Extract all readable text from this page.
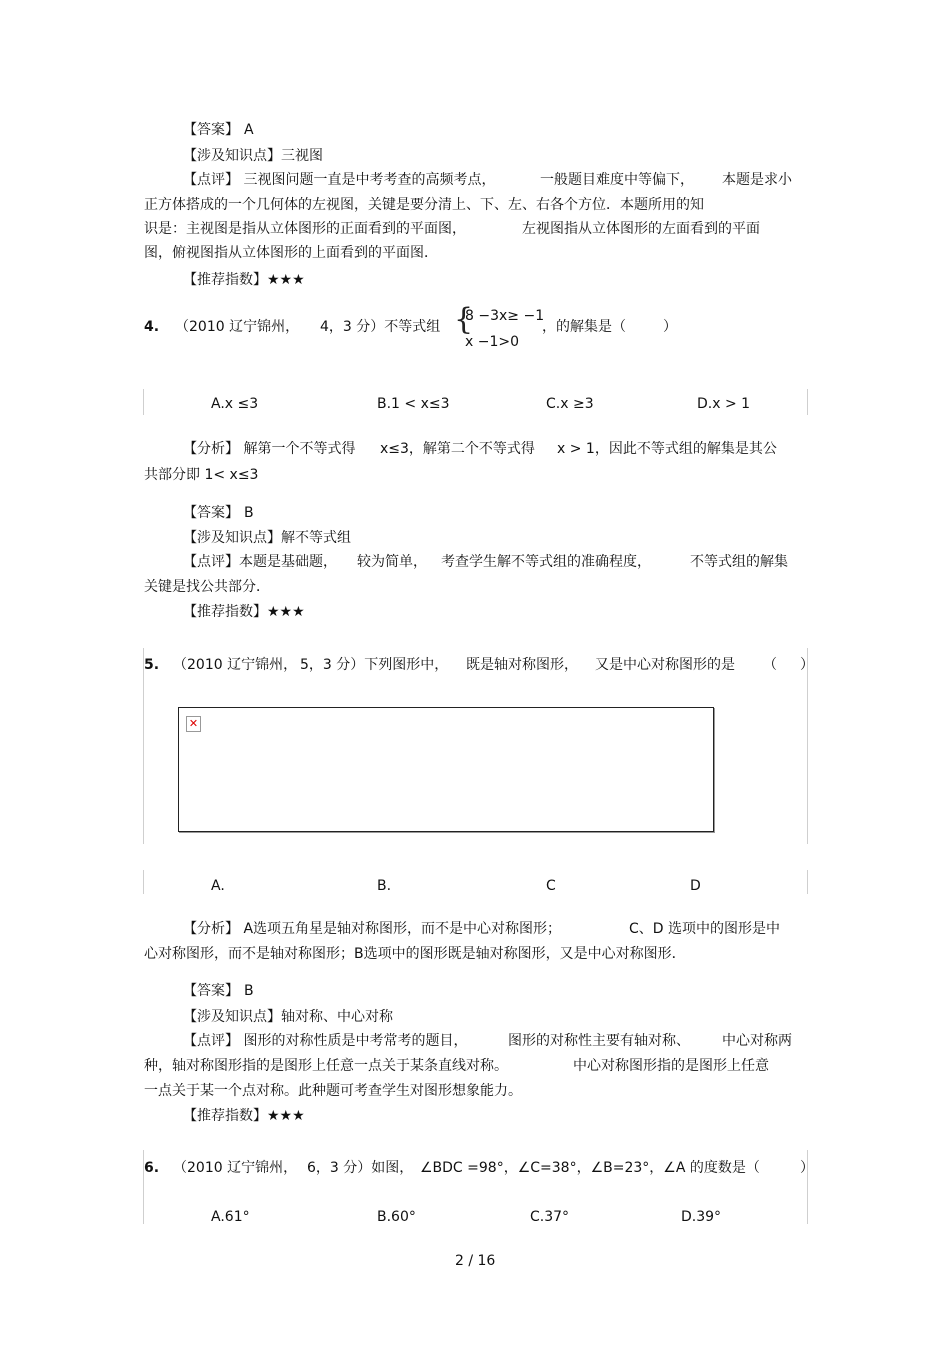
【答案】 A
【涉及知识点】 三视图
【点评】 三视图问题一直是中考考查的高频考点，	一般题目难度中等偏下， 本题是求小
正方体搭成的一个几何体的左视图，关键是要分清上、下、左、右各个方位．本题所用的知
识是：主视图是指从立体图形的正面看到的平面图，	左视图指从立体图形的左面看到的平面
图，俯视图指从立体图形的上面看到的平面图．
【推荐指数】 ★★★
4. （2010 辽宁锦州， 4，3 分）不等式组 {
8 −3x≥ −1
x −1>0
，的解集是（	）
A.x ≤3	B.1 < x≤3	C.x ≥3	D.x > 1
【分析】 解第一个不等式得 x≤3，解第二个不等式得 x > 1，因此不等式组的解集是其公
共部分即 1< x≤3
【答案】 B
【涉及知识点】 解不等式组
【点评】本题是基础题， 较为简单， 考查学生解不等式组的准确程度，	不等式组的解集
关键是找公共部分．
【推荐指数】 ★★★
5. （2010 辽宁锦州， 5，3 分）下列图形中， 既是轴对称图形， 又是中心对称图形的是 （ ）
✕
A.	B.	C	D
【分析】 A选项五角星是轴对称图形，而不是中心对称图形；	C、D 选项中的图形是中
心对称图形，而不是轴对称图形；B选项中的图形既是轴对称图形，又是中心对称图形．
【答案】 B
【涉及知识点】 轴对称、中心对称
【点评】 图形的对称性质是中考常考的题目，	图形的对称性主要有轴对称、 中心对称两
种，轴对称图形指的是图形上任意一点关于某条直线对称。	中心对称图形指的是图形上任意
一点关于某一个点对称。此种题可考查学生对图形想象能力。
【推荐指数】 ★★★
6. （2010 辽宁锦州， 6，3 分）如图， ∠BDC =98°，∠C=38°，∠B=23°，∠A 的度数是（	）
A.61°	B.60°	C.37°	D.39°
2 / 16
